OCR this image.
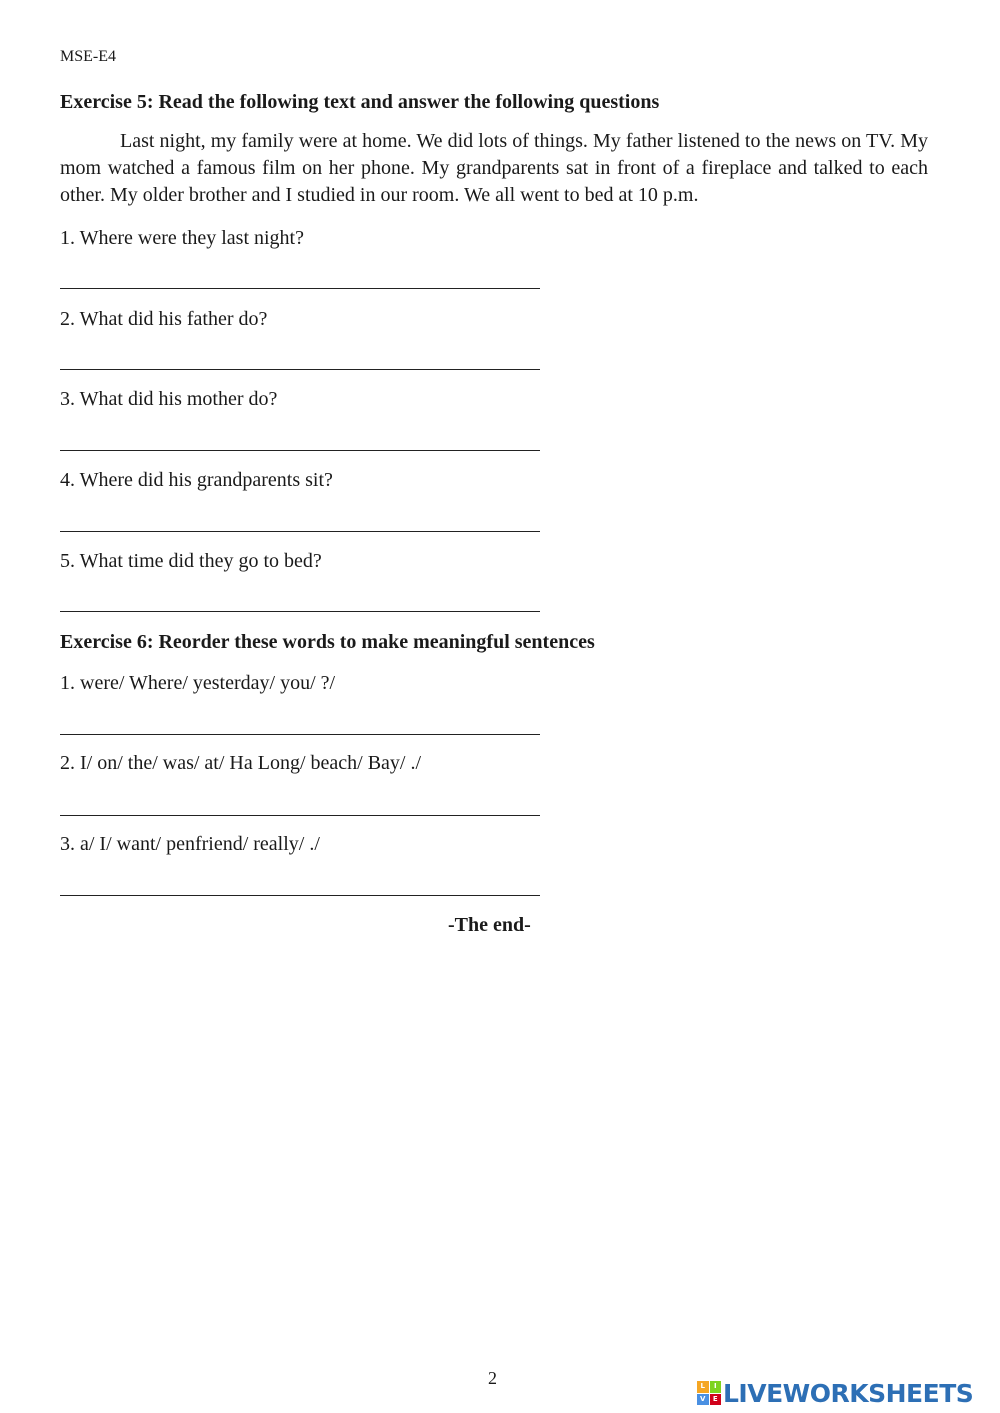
MSE-E4
Exercise 5: Read the following text and answer the following questions

Last night, my family were at home. We did lots of things. My father listened to the news on TV. My mom watched a famous film on her phone. My grandparents sat in front of a fireplace and talked to each other. My older brother and I studied in our room. We all went to bed at 10 p.m.

1. Where were they last night?
2. What did his father do?
3. What did his mother do?
4. Where did his grandparents sit?
5. What time did they go to bed?
Exercise 6: Reorder these words to make meaningful sentences
1. were/ Where/ yesterday/ you/ ?/
2. I/ on/ the/ was/ at/ Ha Long/ beach/ Bay/ ./
3. a/ I/ want/ penfriend/ really/ ./
-The end-
2	L	I
V	E LIVEWORKSHEETS
